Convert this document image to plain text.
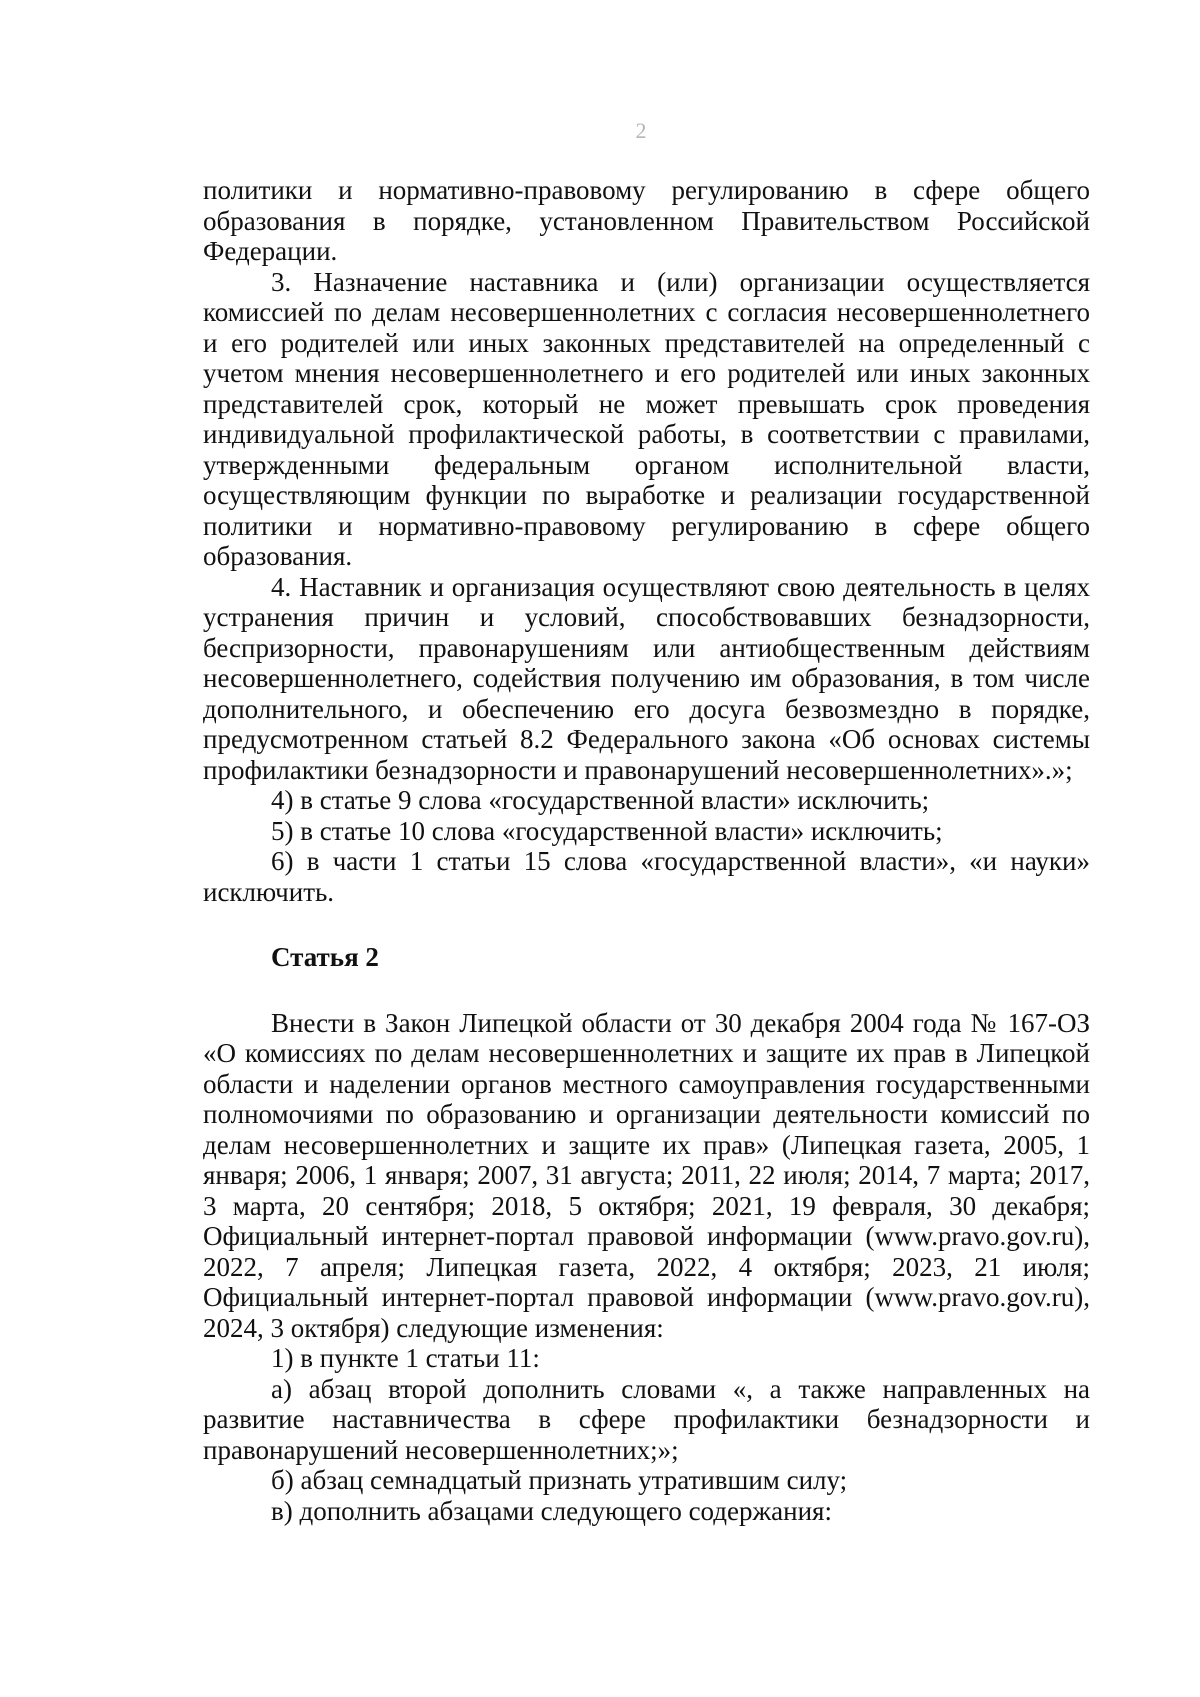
2

политики и нормативно-правовому регулированию в сфере общего образования в порядке, установленном Правительством Российской Федерации.

3. Назначение наставника и (или) организации осуществляется комиссией по делам несовершеннолетних с согласия несовершеннолетнего и его родителей или иных законных представителей на определенный с учетом мнения несовершеннолетнего и его родителей или иных законных представителей срок, который не может превышать срок проведения индивидуальной профилактической работы, в соответствии с правилами, утвержденными федеральным органом исполнительной власти, осуществляющим функции по выработке и реализации государственной политики и нормативно-правовому регулированию в сфере общего образования.

4. Наставник и организация осуществляют свою деятельность в целях устранения причин и условий, способствовавших безнадзорности, беспризорности, правонарушениям или антиобщественным действиям несовершеннолетнего, содействия получению им образования, в том числе дополнительного, и обеспечению его досуга безвозмездно в порядке, предусмотренном статьей 8.2 Федерального закона «Об основах системы профилактики безнадзорности и правонарушений несовершеннолетних».»;

4) в статье 9 слова «государственной власти» исключить;

5) в статье 10 слова «государственной власти» исключить;

6) в части 1 статьи 15 слова «государственной власти», «и науки» исключить.

Статья 2

Внести в Закон Липецкой области от 30 декабря 2004 года № 167-ОЗ «О комиссиях по делам несовершеннолетних и защите их прав в Липецкой области и наделении органов местного самоуправления государственными полномочиями по образованию и организации деятельности комиссий по делам несовершеннолетних и защите их прав» (Липецкая газета, 2005, 1 января; 2006, 1 января; 2007, 31 августа; 2011, 22 июля; 2014, 7 марта; 2017, 3 марта, 20 сентября; 2018, 5 октября; 2021, 19 февраля, 30 декабря; Официальный интернет-портал правовой информации (www.pravo.gov.ru), 2022, 7 апреля; Липецкая газета, 2022, 4 октября; 2023, 21 июля; Официальный интернет-портал правовой информации (www.pravo.gov.ru), 2024, 3 октября) следующие изменения:

1) в пункте 1 статьи 11:

а) абзац второй дополнить словами «, а также направленных на развитие наставничества в сфере профилактики безнадзорности и правонарушений несовершеннолетних;»;

б) абзац семнадцатый признать утратившим силу;

в) дополнить абзацами следующего содержания:
